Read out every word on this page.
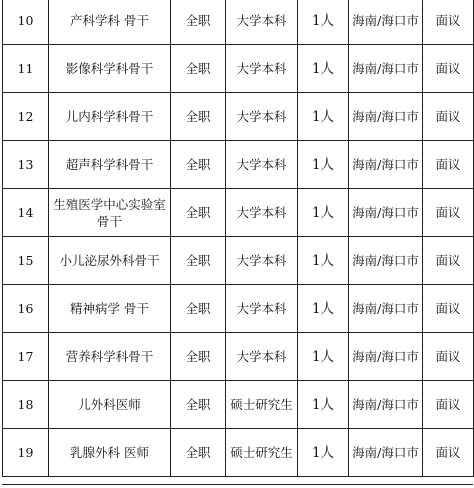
10	产科学科 骨干	全职	大学本科	1人	海南/海口市	面议
11	影像科学科骨干	全职	大学本科	1人	海南/海口市	面议
12	儿内科学科骨干	全职	大学本科	1人	海南/海口市	面议
13	超声科学科骨干	全职	大学本科	1人	海南/海口市	面议
14	生殖医学中心实验室骨干	全职	大学本科	1人	海南/海口市	面议
15	小儿泌尿外科骨干	全职	大学本科	1人	海南/海口市	面议
16	精神病学 骨干	全职	大学本科	1人	海南/海口市	面议
17	营养科学科骨干	全职	大学本科	1人	海南/海口市	面议
18	儿外科医师	全职	硕士研究生	1人	海南/海口市	面议
19	乳腺外科 医师	全职	硕士研究生	1人	海南/海口市	面议
